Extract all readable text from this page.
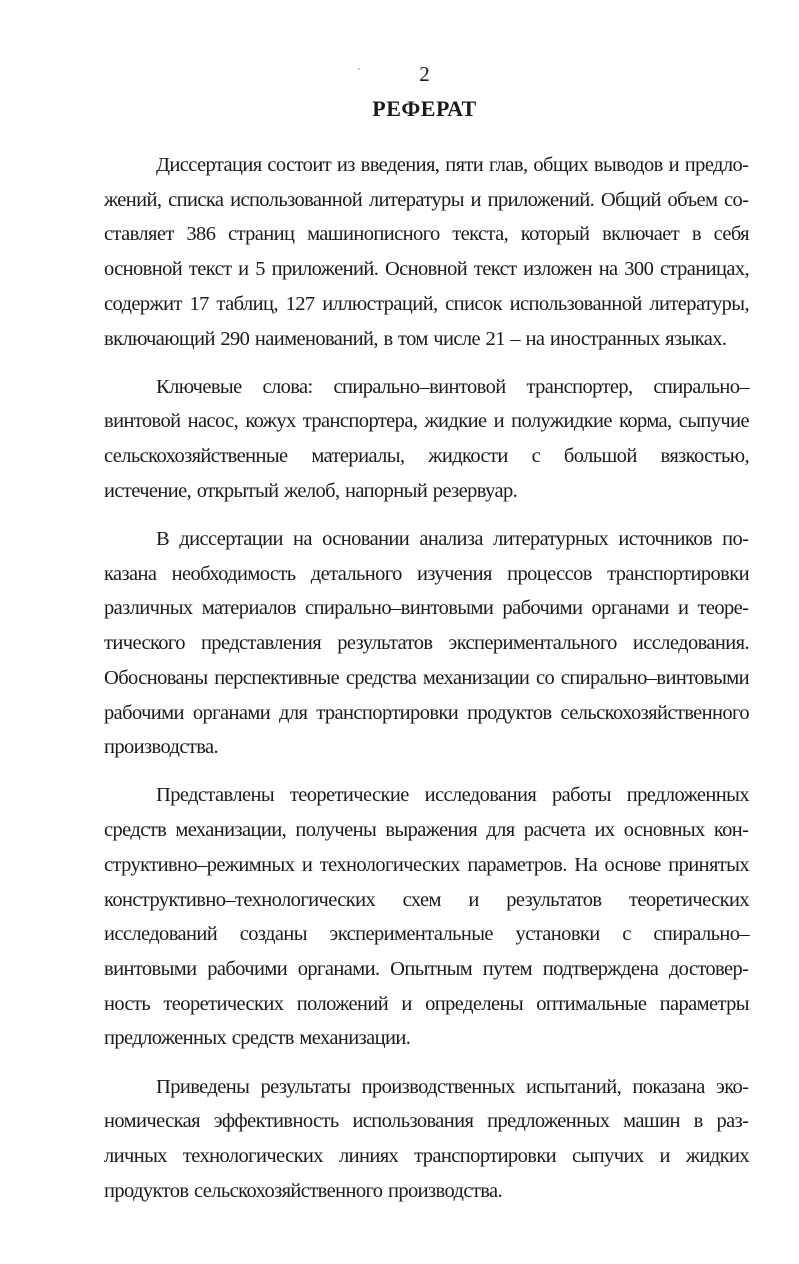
2
РЕФЕРАТ

Диссертация состоит из введения, пяти глав, общих выводов и предложений, списка использованной литературы и приложений. Общий объем составляет 386 страниц машинописного текста, который включает в себя основной текст и 5 приложений. Основной текст изложен на 300 страницах, содержит 17 таблиц, 127 иллюстраций, список использованной литературы, включающий 290 наименований, в том числе 21 – на иностранных языках.

Ключевые слова: спирально–винтовой транспортер, спирально–винтовой насос, кожух транспортера, жидкие и полужидкие корма, сыпучие сельскохозяйственные материалы, жидкости с большой вязкостью, истечение, открытый желоб, напорный резервуар.

В диссертации на основании анализа литературных источников показана необходимость детального изучения процессов транспортировки различных материалов спирально–винтовыми рабочими органами и теоретического представления результатов экспериментального исследования. Обоснованы перспективные средства механизации со спирально–винтовыми рабочими органами для транспортировки продуктов сельскохозяйственного производства.

Представлены теоретические исследования работы предложенных средств механизации, получены выражения для расчета их основных конструктивно–режимных и технологических параметров. На основе принятых конструктивно–технологических схем и результатов теоретических исследований созданы экспериментальные установки с спирально–винтовыми рабочими органами. Опытным путем подтверждена достоверность теоретических положений и определены оптимальные параметры предложенных средств механизации.

Приведены результаты производственных испытаний, показана экономическая эффективность использования предложенных машин в различных технологических линиях транспортировки сыпучих и жидких продуктов сельскохозяйственного производства.
